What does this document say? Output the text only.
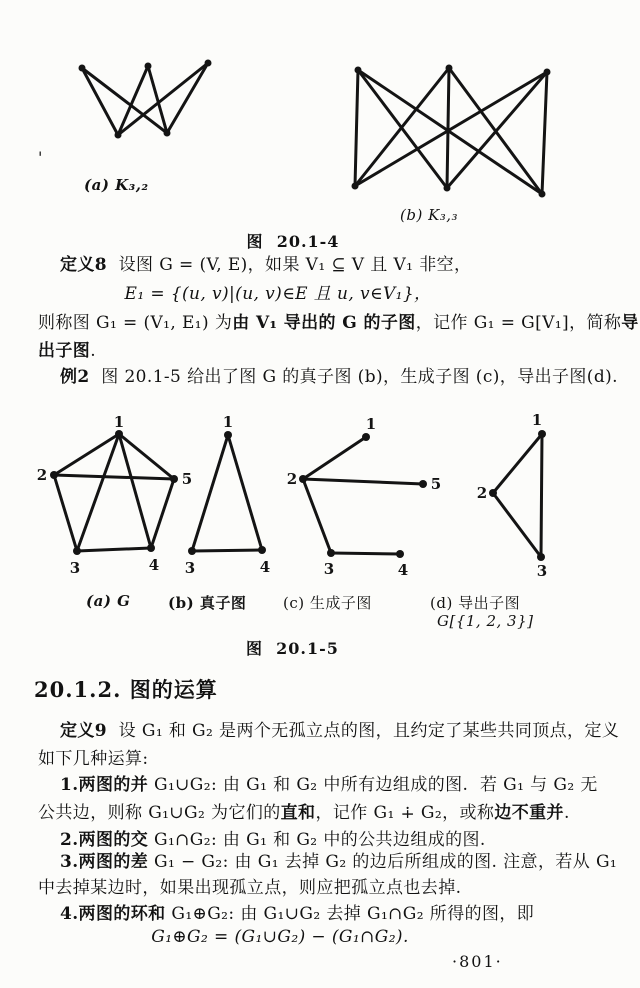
'
(a) K₃,₂
(b) K₃,₃
图  20.1-4
定义8  设图 G = (V, E)，如果 V₁ ⊆ V 且 V₁ 非空，
E₁ = {(u, v)|(u, v)∈E 且 u, v∈V₁}，
则称图 G₁ = (V₁, E₁) 为由 V₁ 导出的 G 的子图，记作 G₁ = G[V₁]，简称导
出子图.
例2  图 20.1-5 给出了图 G 的真子图 (b)，生成子图 (c)，导出子图(d).
1
2	5
3	4
1
3	4
1
2	5
3	4
1
2
3
(a) G	(b) 真子图 (c) 生成子图	(d) 导出子图
G[{1, 2, 3}]
图  20.1-5
20.1.2. 图的运算
定义9  设 G₁ 和 G₂ 是两个无孤立点的图，且约定了某些共同顶点，定义
如下几种运算:
1.两图的并 G₁∪G₂: 由 G₁ 和 G₂ 中所有边组成的图.  若 G₁ 与 G₂ 无
公共边，则称 G₁∪G₂ 为它们的直和，记作 G₁ ∔ G₂，或称边不重并.
2.两图的交 G₁∩G₂: 由 G₁ 和 G₂ 中的公共边组成的图.
3.两图的差 G₁ − G₂: 由 G₁ 去掉 G₂ 的边后所组成的图. 注意，若从 G₁
中去掉某边时，如果出现孤立点，则应把孤立点也去掉.
4.两图的环和 G₁⊕G₂: 由 G₁∪G₂ 去掉 G₁∩G₂ 所得的图，即
G₁⊕G₂ = (G₁∪G₂) − (G₁∩G₂).
·801·
